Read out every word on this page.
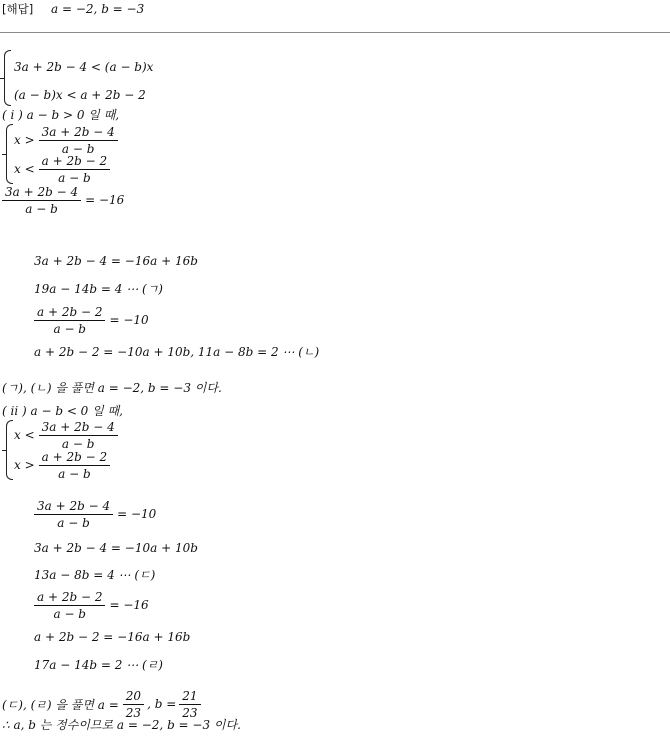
[해답] a = −2, b = −3
3a + 2b − 4 < (a − b)x
(a − b)x < a + 2b − 2
( i ) a − b > 0 일 때,
$x > \frac{3a + 2b - 4}{a - b}$
$x < \frac{a + 2b - 2}{a - b}$
$\frac{3a + 2b - 4}{a - b} = -16$
3a + 2b − 4 = −16a + 16b
19a − 14b = 4 ⋯ (ㄱ)
$\frac{a + 2b - 2}{a - b} = -10$
a + 2b − 2 = −10a + 10b, 11a − 8b = 2 ⋯ (ㄴ)
(ㄱ), (ㄴ) 을 풀면 a = −2, b = −3 이다.
( ii ) a − b < 0 일 때,
$x < \frac{3a + 2b - 4}{a - b}$
$x > \frac{a + 2b - 2}{a - b}$
$\frac{3a + 2b - 4}{a - b} = -10$
3a + 2b − 4 = −10a + 10b
13a − 8b = 4 ⋯ (ㄷ)
$\frac{a + 2b - 2}{a - b} = -16$
a + 2b − 2 = −16a + 16b
17a − 14b = 2 ⋯ (ㄹ)
(ㄷ), (ㄹ) 을 풀면 $a = \frac{20}{23}$ , $b = \frac{21}{23}$
∴ a, b 는 정수이므로 a = −2, b = −3 이다.
